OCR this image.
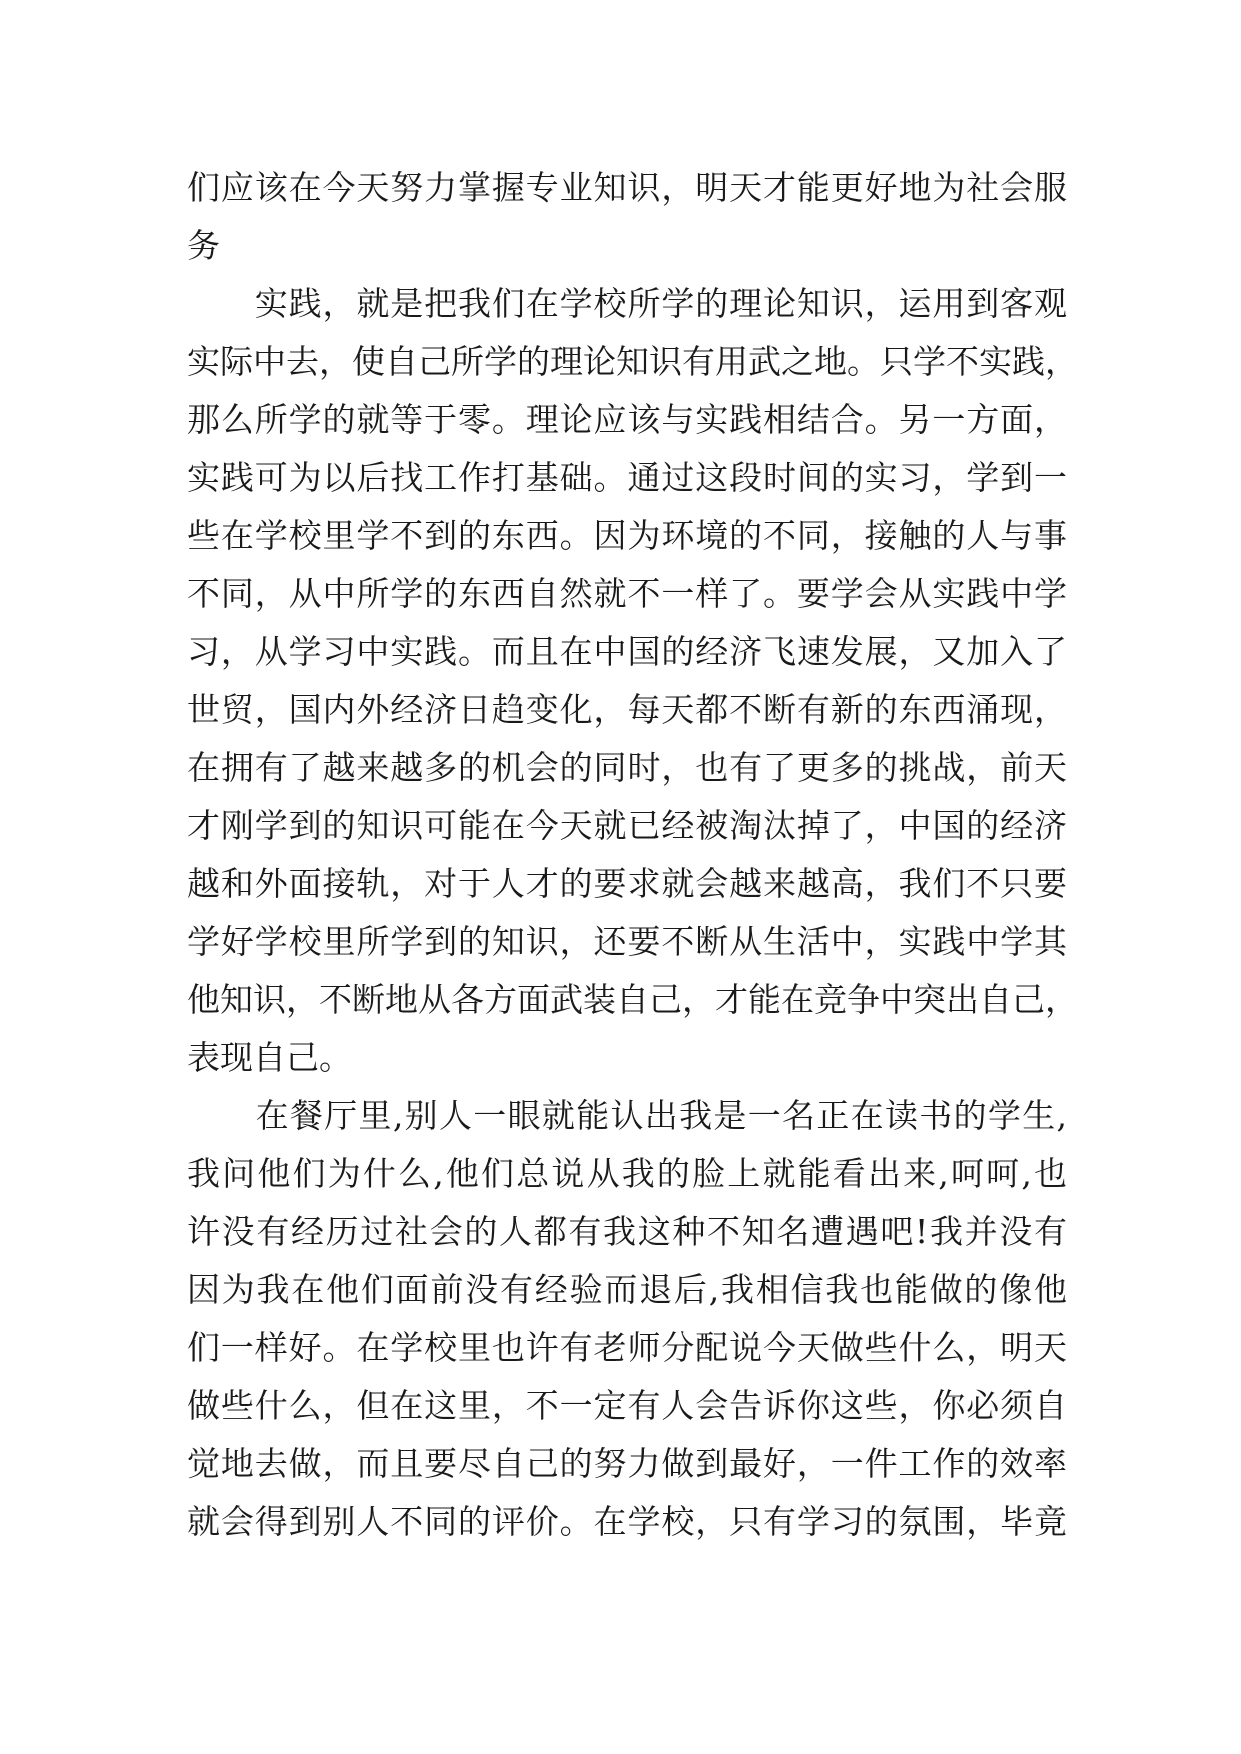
们应该在今天努力掌握专业知识，明天才能更好地为社会服
务
　　实践，就是把我们在学校所学的理论知识，运用到客观
实际中去，使自己所学的理论知识有用武之地。只学不实践，
那么所学的就等于零。理论应该与实践相结合。另一方面，
实践可为以后找工作打基础。通过这段时间的实习，学到一
些在学校里学不到的东西。因为环境的不同，接触的人与事
不同，从中所学的东西自然就不一样了。要学会从实践中学
习，从学习中实践。而且在中国的经济飞速发展，又加入了
世贸，国内外经济日趋变化，每天都不断有新的东西涌现，
在拥有了越来越多的机会的同时，也有了更多的挑战，前天
才刚学到的知识可能在今天就已经被淘汰掉了，中国的经济
越和外面接轨，对于人才的要求就会越来越高，我们不只要
学好学校里所学到的知识，还要不断从生活中，实践中学其
他知识，不断地从各方面武装自己，才能在竞争中突出自己，
表现自己。
　　在餐厅里,别人一眼就能认出我是一名正在读书的学生,
我问他们为什么,他们总说从我的脸上就能看出来,呵呵,也
许没有经历过社会的人都有我这种不知名遭遇吧!我并没有
因为我在他们面前没有经验而退后,我相信我也能做的像他
们一样好。在学校里也许有老师分配说今天做些什么，明天
做些什么，但在这里，不一定有人会告诉你这些，你必须自
觉地去做，而且要尽自己的努力做到最好，一件工作的效率
就会得到别人不同的评价。在学校，只有学习的氛围，毕竟
